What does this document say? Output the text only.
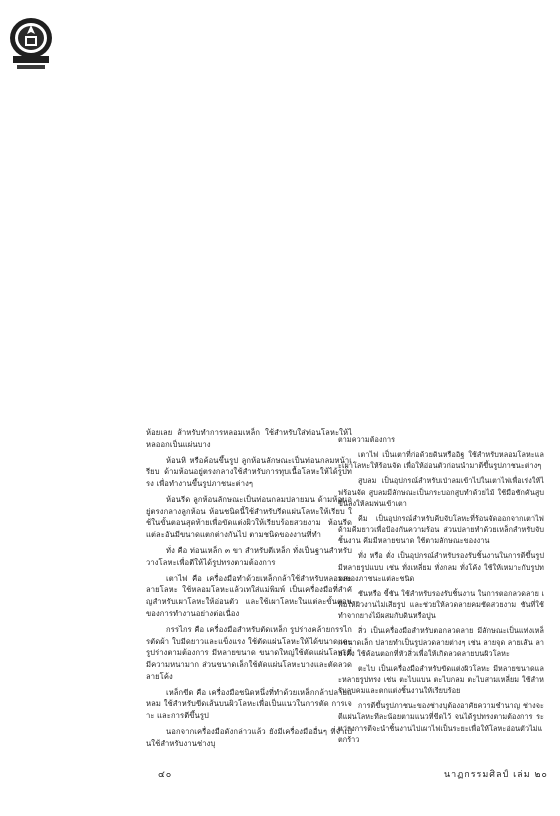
ห้อยเลย ส้าหรับทำการหลอมเหล็ก ใช้สำหรับใส่ท่อนโลหะให้ไหลออกเป็นแผ่นบาง

ห้อนหิ หรือค้อนขึ้นรูป ลูกห้อนลักษณะเป็นท่อนกลมหน้าเรียบ ด้ามห้อนอยู่ตรงกลางใช้สำหรับการทุบเนื้อโลหะให้ได้รูปทรง เพื่อทำงานขึ้นรูปภาชนะต่างๆ

ห้อนรีด ลูกห้อนลักษณะเป็นท่อนกลมปลายมน ด้ามห้อนอยู่ตรงกลางลูกห้อน ห้อนชนิดนี้ใช้สำหรับรีดแผ่นโลหะให้เรียบ ใช้ในขั้นตอนสุดท้ายเพื่อขัดแต่งผิวให้เรียบร้อยสวยงาม ห้อนรีดแต่ละอันมีขนาดแตกต่างกันไป ตามชนิดของงานที่ทำ

ทั่ง คือ ท่อนเหล็ก ๓ ขา สำหรับตีเหล็ก ทั่งเป็นฐานสำหรับวางโลหะเพื่อตีให้ได้รูปทรงตามต้องการ

เตาไฟ คือ เครื่องมือทำด้วยเหล็กกล้าใช้สำหรับหลอมละลายโลหะ ใช้หลอมโลหะแล้วเทใส่แม่พิมพ์ เป็นเครื่องมือที่สำคัญสำหรับเผาโลหะให้อ่อนตัว และใช้เผาโลหะในแต่ละขั้นตอนของการทำงานอย่างต่อเนื่อง

กรรไกร คือ เครื่องมือสำหรับตัดเหล็ก รูปร่างคล้ายกรรไกรตัดผ้า ใบมีดยาวและแข็งแรง ใช้ตัดแผ่นโลหะให้ได้ขนาดและรูปร่างตามต้องการ มีหลายขนาด ขนาดใหญ่ใช้ตัดแผ่นโลหะที่มีความหนามาก ส่วนขนาดเล็กใช้ตัดแผ่นโลหะบางและตัดลวดลายโค้ง

เหล็กขีด คือ เครื่องมือชนิดหนึ่งที่ทำด้วยเหล็กกล้าปลายแหลม ใช้สำหรับขีดเส้นบนผิวโลหะเพื่อเป็นแนวในการตัด การเจาะ และการตีขึ้นรูป

นอกจากเครื่องมือดังกล่าวแล้ว ยังมีเครื่องมืออื่นๆ ที่จำเป็นใช้สำหรับงานช่างบุ

ตามความต้องการ

เตาไฟ เป็นเตาที่ก่อด้วยดินหรืออิฐ ใช้สำหรับหลอมโลหะและเผาโลหะให้ร้อนจัด เพื่อให้อ่อนตัวก่อนนำมาตีขึ้นรูปภาชนะต่างๆ

สูบลม เป็นอุปกรณ์สำหรับเป่าลมเข้าไปในเตาไฟเพื่อเร่งให้ไฟร้อนจัด สูบลมมีลักษณะเป็นกระบอกสูบทำด้วยไม้ ใช้มือชักคันสูบขึ้นลงให้ลมพ่นเข้าเตา

คีม เป็นอุปกรณ์สำหรับคีบจับโลหะที่ร้อนจัดออกจากเตาไฟ ด้ามคีมยาวเพื่อป้องกันความร้อน ส่วนปลายทำด้วยเหล็กสำหรับจับชิ้นงาน คีมมีหลายขนาด ใช้ตามลักษณะของงาน

ทั่ง หรือ ตั่ง เป็นอุปกรณ์สำหรับรองรับชิ้นงานในการตีขึ้นรูป มีหลายรูปแบบ เช่น ทั่งเหลี่ยม ทั่งกลม ทั่งโค้ง ใช้ให้เหมาะกับรูปทรงของภาชนะแต่ละชนิด

ชันหรือ ขี้ชัน ใช้สำหรับรองรับชิ้นงาน ในการตอกลวดลาย เพื่อให้ผิวงานไม่เสียรูป และช่วยให้ลวดลายคมชัดสวยงาม ชันที่ใช้ทำจากยางไม้ผสมกับดินหรือปูน

สิ่ว เป็นเครื่องมือสำหรับตอกลวดลาย มีลักษณะเป็นแท่งเหล็กขนาดเล็ก ปลายทำเป็นรูปลวดลายต่างๆ เช่น ลายจุด ลายเส้น ลายโค้ง ใช้ค้อนตอกที่หัวสิ่วเพื่อให้เกิดลวดลายบนผิวโลหะ

ตะไบ เป็นเครื่องมือสำหรับขัดแต่งผิวโลหะ มีหลายขนาดและหลายรูปทรง เช่น ตะไบแบน ตะไบกลม ตะไบสามเหลี่ยม ใช้สำหรับลบคมและตกแต่งชิ้นงานให้เรียบร้อย

การตีขึ้นรูปภาชนะของช่างบุต้องอาศัยความชำนาญ ช่างจะตีแผ่นโลหะทีละน้อยตามแนวที่ขีดไว้ จนได้รูปทรงตามต้องการ ระหว่างการตีจะนำชิ้นงานไปเผาไฟเป็นระยะเพื่อให้โลหะอ่อนตัวไม่แตกร้าว

๔๐	นาฏกรรมศิลป์ เล่ม ๒๐
